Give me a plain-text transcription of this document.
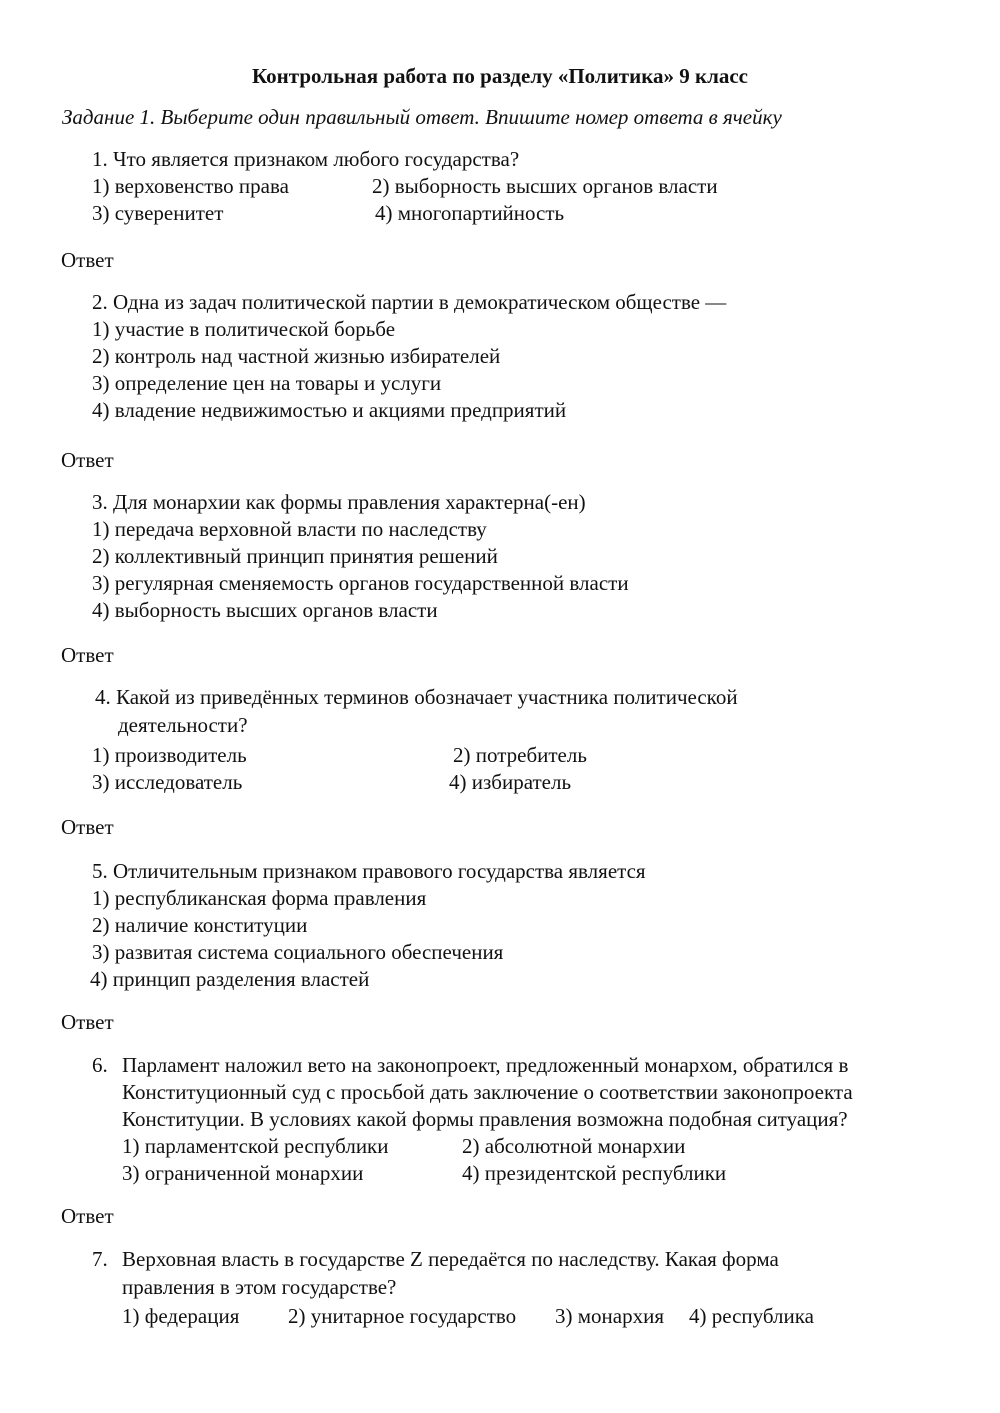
Контрольная работа по разделу «Политика» 9 класс
Задание 1. Выберите один правильный ответ. Впишите номер ответа в ячейку
1. Что является признаком любого государства?
1) верховенство права	2) выборность высших органов власти
3) суверенитет	4) многопартийность
Ответ
2. Одна из задач политической партии в демократическом обществе —
1) участие в политической борьбе
2) контроль над частной жизнью избирателей
3) определение цен на товары и услуги
4) владение недвижимостью и акциями предприятий
Ответ
3. Для монархии как формы правления характерна(-ен)
1) передача верховной власти по наследству
2) коллективный принцип принятия решений
3) регулярная сменяемость органов государственной власти
4) выборность высших органов власти
Ответ
4. Какой из приведённых терминов обозначает участника политической
деятельности?
1) производитель	2) потребитель
3) исследователь	4) избиратель
Ответ
5. Отличительным признаком правового государства является
1) республиканская форма правления
2) наличие конституции
3) развитая система социального обеспечения
4) принцип разделения властей
Ответ
6. Парламент наложил вето на законопроект, предложенный монархом, обратился в
Конституционный суд с просьбой дать заключение о соответствии законопроекта
Конституции. В условиях какой формы правления возможна подобная ситуация?
1) парламентской республики	2) абсолютной монархии
3) ограниченной монархии	4) президентской республики
Ответ
7. Верховная власть в государстве Z передаётся по наследству. Какая форма
правления в этом государстве?
1) федерация 2) унитарное государство 3) монархия 4) республика
